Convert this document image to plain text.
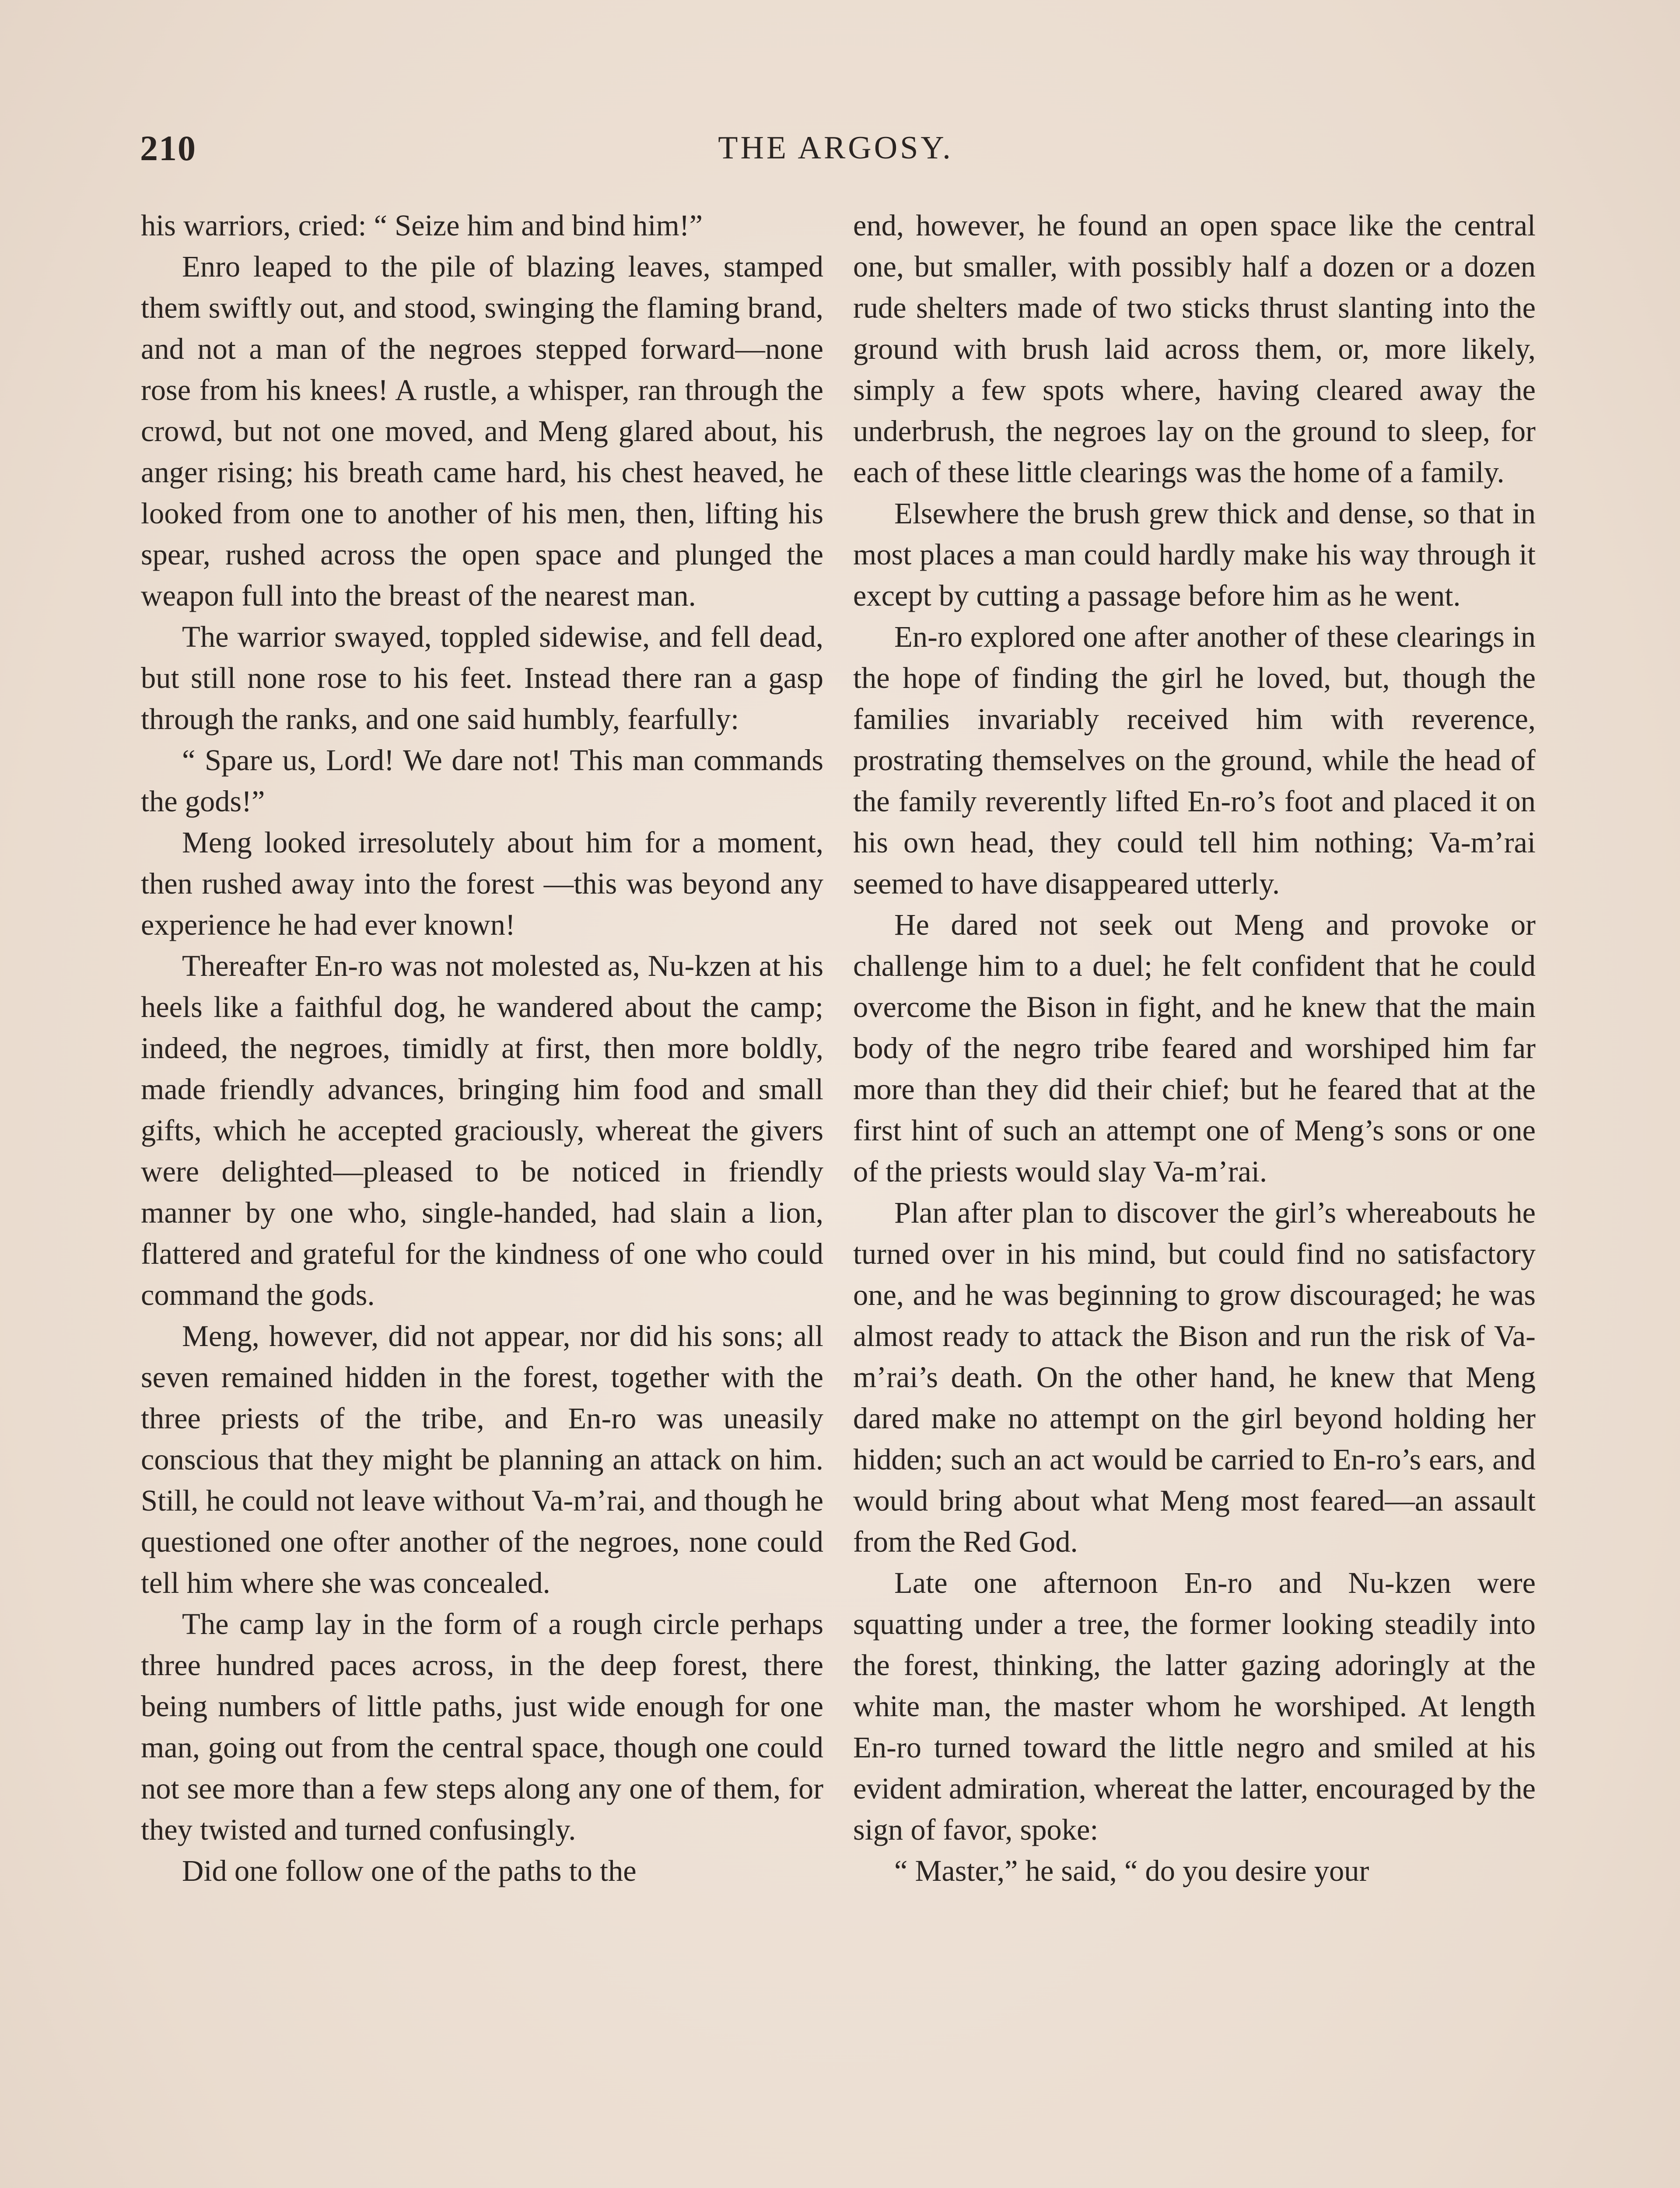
210	THE ARGOSY.

his warriors, cried: “ Seize him and bind him!”

Enro leaped to the pile of blazing leaves, stamped them swiftly out, and stood, swinging the flaming brand, and not a man of the negroes stepped forward—none rose from his knees! A rustle, a whisper, ran through the crowd, but not one moved, and Meng glared about, his anger rising; his breath came hard, his chest heaved, he looked from one to another of his men, then, lifting his spear, rushed across the open space and plunged the weapon full into the breast of the nearest man.

The warrior swayed, toppled sidewise, and fell dead, but still none rose to his feet. Instead there ran a gasp through the ranks, and one said humbly, fearfully:

“ Spare us, Lord! We dare not! This man commands the gods!”

Meng looked irresolutely about him for a moment, then rushed away into the forest —this was beyond any experience he had ever known!

Thereafter En-ro was not molested as, Nu-kzen at his heels like a faithful dog, he wandered about the camp; indeed, the negroes, timidly at first, then more boldly, made friendly advances, bringing him food and small gifts, which he accepted graciously, whereat the givers were delighted—pleased to be noticed in friendly manner by one who, single-handed, had slain a lion, flattered and grateful for the kindness of one who could command the gods.

Meng, however, did not appear, nor did his sons; all seven remained hidden in the forest, together with the three priests of the tribe, and En-ro was uneasily conscious that they might be planning an attack on him. Still, he could not leave without Va-m’rai, and though he questioned one ofter another of the negroes, none could tell him where she was concealed.

The camp lay in the form of a rough circle perhaps three hundred paces across, in the deep forest, there being numbers of little paths, just wide enough for one man, going out from the central space, though one could not see more than a few steps along any one of them, for they twisted and turned confusingly.

Did one follow one of the paths to the

end, however, he found an open space like the central one, but smaller, with possibly half a dozen or a dozen rude shelters made of two sticks thrust slanting into the ground with brush laid across them, or, more likely, simply a few spots where, having cleared away the underbrush, the negroes lay on the ground to sleep, for each of these little clearings was the home of a family.

Elsewhere the brush grew thick and dense, so that in most places a man could hardly make his way through it except by cutting a passage before him as he went.

En-ro explored one after another of these clearings in the hope of finding the girl he loved, but, though the families invariably received him with reverence, prostrating themselves on the ground, while the head of the family reverently lifted En-ro’s foot and placed it on his own head, they could tell him nothing; Va-m’rai seemed to have disappeared utterly.

He dared not seek out Meng and provoke or challenge him to a duel; he felt confident that he could overcome the Bison in fight, and he knew that the main body of the negro tribe feared and worshiped him far more than they did their chief; but he feared that at the first hint of such an attempt one of Meng’s sons or one of the priests would slay Va-m’rai.

Plan after plan to discover the girl’s whereabouts he turned over in his mind, but could find no satisfactory one, and he was beginning to grow discouraged; he was almost ready to attack the Bison and run the risk of Va-m’rai’s death. On the other hand, he knew that Meng dared make no attempt on the girl beyond holding her hidden; such an act would be carried to En-ro’s ears, and would bring about what Meng most feared—an assault from the Red God.

Late one afternoon En-ro and Nu-kzen were squatting under a tree, the former looking steadily into the forest, thinking, the latter gazing adoringly at the white man, the master whom he worshiped. At length En-ro turned toward the little negro and smiled at his evident admiration, whereat the latter, encouraged by the sign of favor, spoke:

“ Master,” he said, “ do you desire your
